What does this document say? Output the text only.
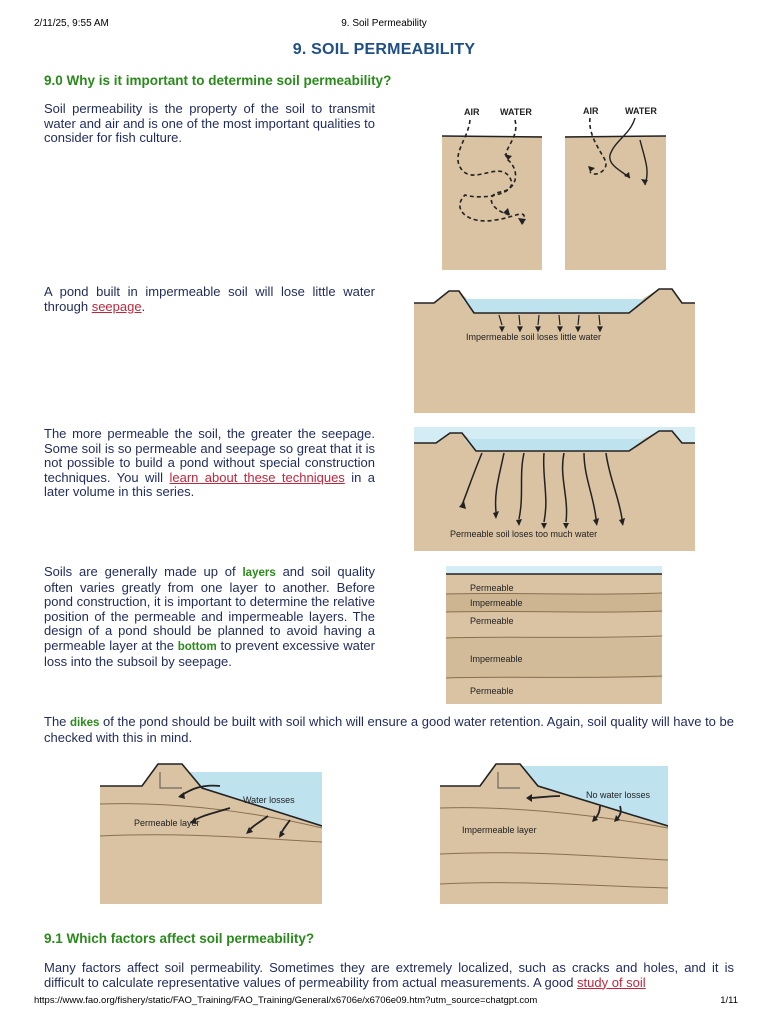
2/11/25, 9:55 AM	9. Soil Permeability
9. SOIL PERMEABILITY
9.0 Why is it important to determine soil permeability?

Soil permeability is the property of the soil to transmit water and air and is one of the most important qualities to consider for fish culture.

AIR WATER	AIR	WATER

A pond built in impermeable soil will lose little water through seepage.

Impermeable soil loses little water

The more permeable the soil, the greater the seepage. Some soil is so permeable and seepage so great that it is not possible to build a pond without special construction techniques. You will learn about these techniques in a later volume in this series.

Permeable soil loses too much water

Soils are generally made up of layers and soil quality often varies greatly from one layer to another. Before pond construction, it is important to determine the relative position of the permeable and impermeable layers. The design of a pond should be planned to avoid having a permeable layer at the bottom to prevent excessive water loss into the subsoil by seepage.

Permeable
Impermeable
Permeable
Impermeable
Permeable

The dikes of the pond should be built with soil which will ensure a good water retention. Again, soil quality will have to be checked with this in mind.

Water losses
Permeable layer
No water losses
Impermeable layer
9.1 Which factors affect soil permeability?

Many factors affect soil permeability. Sometimes they are extremely localized, such as cracks and holes, and it is difficult to calculate representative values of permeability from actual measurements. A good study of soil

https://www.fao.org/fishery/static/FAO_Training/FAO_Training/General/x6706e/x6706e09.htm?utm_source=chatgpt.com	1/11
